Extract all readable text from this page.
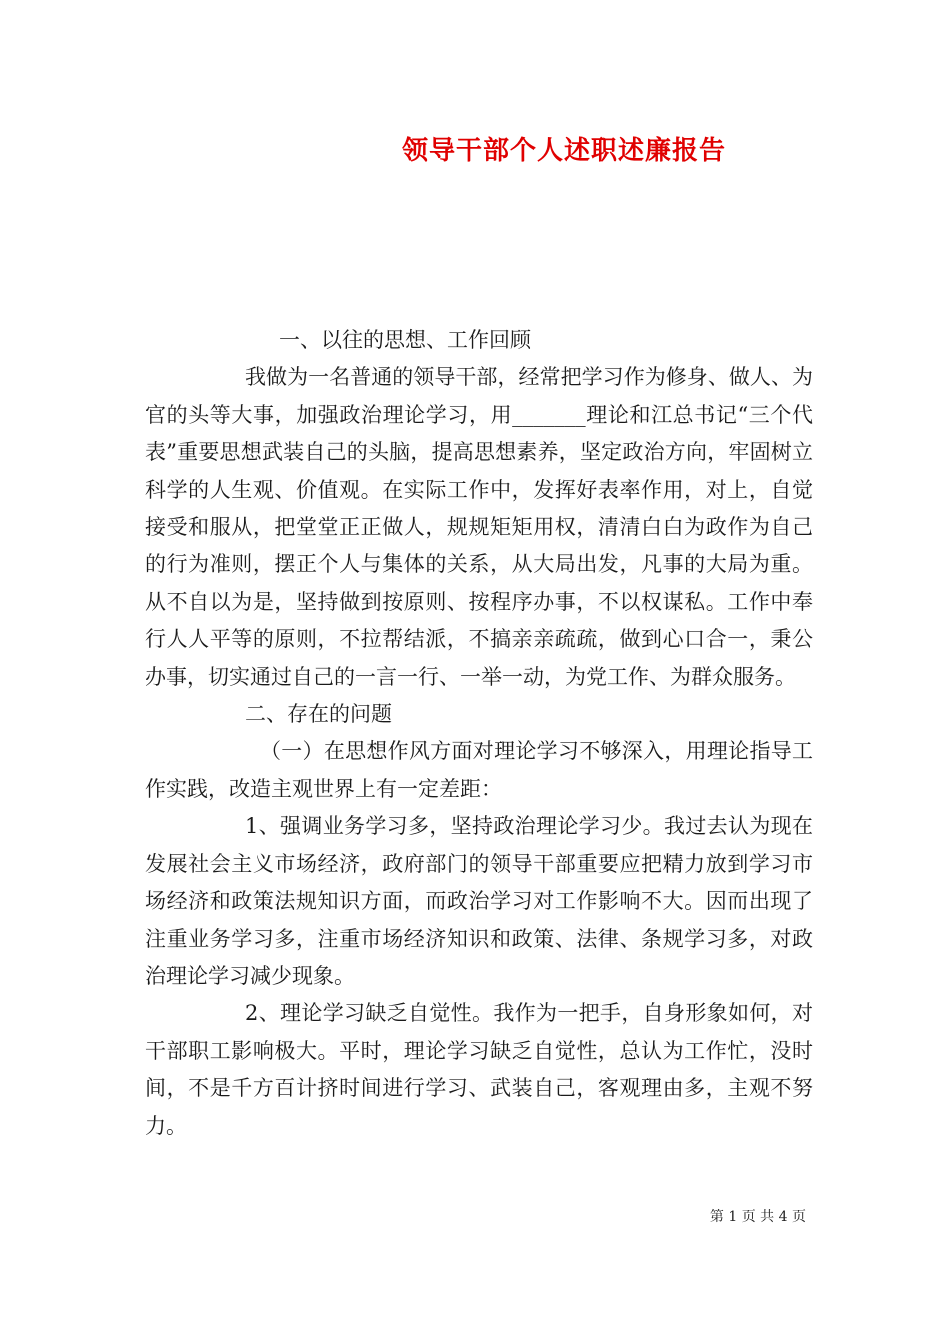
领导干部个人述职述廉报告

一、以往的思想、工作回顾

我做为一名普通的领导干部，经常把学习作为修身、做人、为官的头等大事，加强政治理论学习，用_______理论和江总书记“三个代表”重要思想武装自己的头脑，提高思想素养，坚定政治方向，牢固树立科学的人生观、价值观。在实际工作中，发挥好表率作用，对上，自觉接受和服从，把堂堂正正做人，规规矩矩用权，清清白白为政作为自己的行为准则，摆正个人与集体的关系，从大局出发，凡事的大局为重。从不自以为是，坚持做到按原则、按程序办事，不以权谋私。工作中奉行人人平等的原则，不拉帮结派，不搞亲亲疏疏，做到心口合一，秉公办事，切实通过自己的一言一行、一举一动，为党工作、为群众服务。

二、存在的问题

（一）在思想作风方面对理论学习不够深入，用理论指导工作实践，改造主观世界上有一定差距：

1、强调业务学习多，坚持政治理论学习少。我过去认为现在发展社会主义市场经济，政府部门的领导干部重要应把精力放到学习市场经济和政策法规知识方面，而政治学习对工作影响不大。因而出现了注重业务学习多，注重市场经济知识和政策、法律、条规学习多，对政治理论学习减少现象。

2、理论学习缺乏自觉性。我作为一把手，自身形象如何，对干部职工影响极大。平时，理论学习缺乏自觉性，总认为工作忙，没时间，不是千方百计挤时间进行学习、武装自己，客观理由多，主观不努力。

第 1 页 共 4 页
